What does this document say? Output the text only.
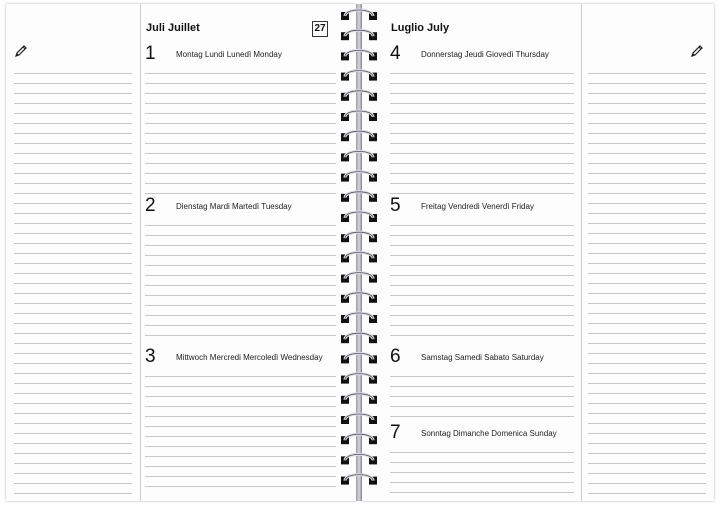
Juli Juillet	27
1	Montag Lundi Lunedì Monday
2	Dienstag Mardi Martedì Tuesday
3	Mittwoch Mercredi Mercoledì Wednesday
Luglio July
4	Donnerstag Jeudi Giovedì Thursday
5	Freitag Vendredi Venerdì Friday
6	Samstag Samedi Sabato Saturday
7	Sonntag Dimanche Domenica Sunday
